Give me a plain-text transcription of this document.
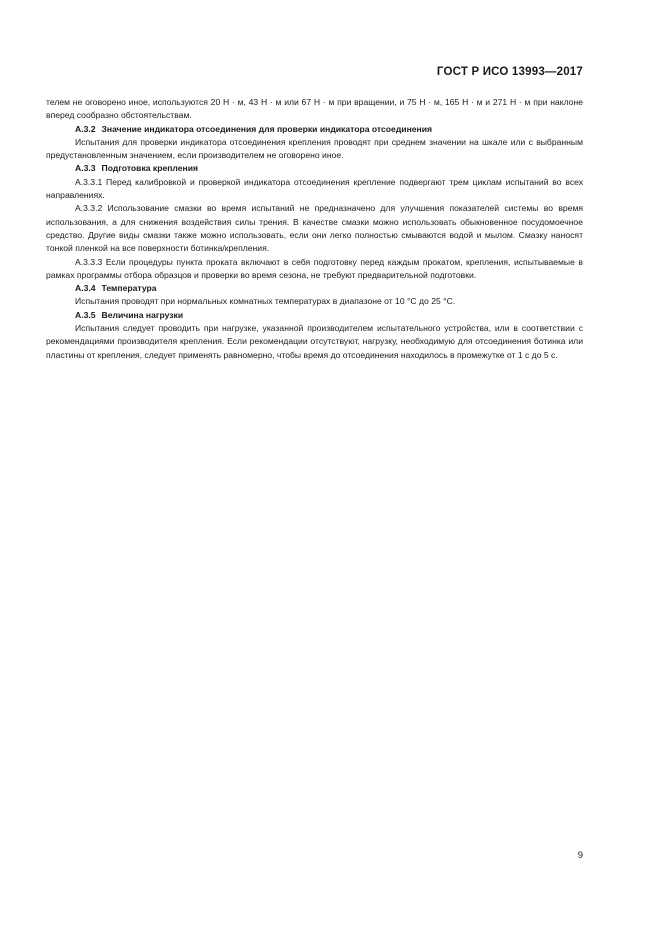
ГОСТ Р ИСО 13993—2017

телем не оговорено иное, используются 20 Н · м, 43 Н · м или 67 Н · м при вращении, и 75 Н · м, 165 Н · м и 271 Н · м при наклоне вперед сообразно обстоятельствам.

А.3.2 Значение индикатора отсоединения для проверки индикатора отсоединения

Испытания для проверки индикатора отсоединения крепления проводят при среднем значении на шкале или с выбранным предустановленным значением, если производителем не оговорено иное.

А.3.3 Подготовка крепления

А.3.3.1 Перед калибровкой и проверкой индикатора отсоединения крепление подвергают трем циклам испытаний во всех направлениях.

А.3.3.2 Использование смазки во время испытаний не предназначено для улучшения показателей системы во время использования, а для снижения воздействия силы трения. В качестве смазки можно использовать обыкновенное посудомоечное средство. Другие виды смазки также можно использовать, если они легко полностью смываются водой и мылом. Смазку наносят тонкой пленкой на все поверхности ботинка/крепления.

А.3.3.3 Если процедуры пункта проката включают в себя подготовку перед каждым прокатом, крепления, испытываемые в рамках программы отбора образцов и проверки во время сезона, не требуют предварительной подготовки.

А.3.4 Температура

Испытания проводят при нормальных комнатных температурах в диапазоне от 10 °С до 25 °С.

А.3.5 Величина нагрузки

Испытания следует проводить при нагрузке, указанной производителем испытательного устройства, или в соответствии с рекомендациями производителя крепления. Если рекомендации отсутствуют, нагрузку, необходимую для отсоединения ботинка или пластины от крепления, следует применять равномерно, чтобы время до отсоединения находилось в промежутке от 1 с до 5 с.

9
